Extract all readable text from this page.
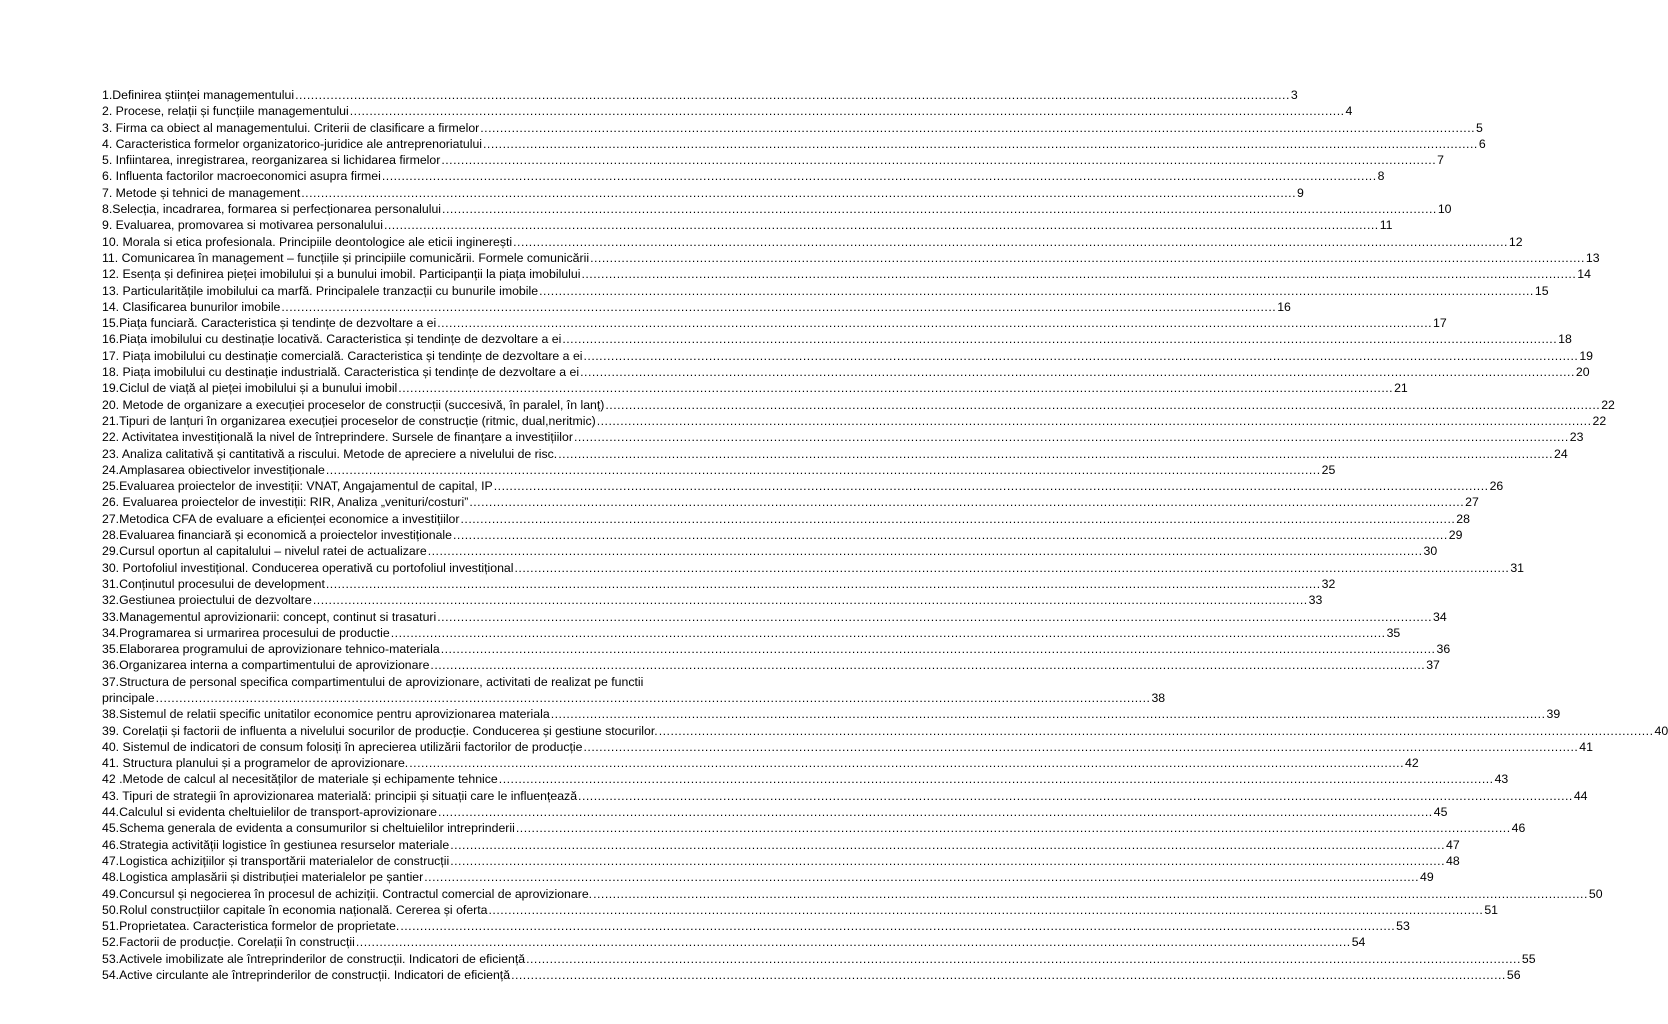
1.Definirea științei managementului .....	3
2. Procese, relații și funcțiile managementului .....	4
3. Firma ca obiect al managementului. Criterii de clasificare a firmelor .....	5
4. Caracteristica formelor organizatorico-juridice ale antreprenoriatului .....	6
5. Infiintarea, inregistrarea, reorganizarea si lichidarea firmelor .....	7
6. Influenta factorilor macroeconomici asupra firmei .....	8
7. Metode și tehnici de management .....	9
8.Selecția, incadrarea, formarea si perfecționarea personalului .....	10
9. Evaluarea, promovarea si motivarea personalului .....	11
10. Morala si etica profesionala. Principiile deontologice ale eticii inginerești .....	12
11. Comunicarea în management – funcțiile și principiile comunicării. Formele comunicării .....	13
12. Esența și definirea pieței imobilului și a bunului imobil. Participanții la piața imobilului .....	14
13. Particularitățile imobilului ca marfă. Principalele tranzacții cu bunurile imobile .....	15
14. Clasificarea bunurilor imobile .....	16
15.Piața funciară. Caracteristica și tendințe de dezvoltare a ei .....	17
16.Piața imobilului cu destinație locativă. Caracteristica și tendințe de dezvoltare a ei .....	18
17. Piața imobilului cu destinație comercială. Caracteristica și tendințe de dezvoltare a ei .....	19
18. Piața imobilului cu destinație industrială. Caracteristica și tendințe de dezvoltare a ei .....	20
19.Ciclul de viață al pieței imobilului și a bunului imobil .....	21
20. Metode de organizare a execuției proceselor de construcții (succesivă, în paralel, în lanț) .....	22
21.Tipuri de lanțuri în organizarea execuției proceselor de construcție (ritmic, dual,neritmic) .....	22
22. Activitatea investițională la nivel de întreprindere. Sursele de finanțare a investițiilor .....	23
23. Analiza calitativă și cantitativă a riscului. Metode de apreciere a nivelului de risc. .....	24
24.Amplasarea obiectivelor investiționale .....	25
25.Evaluarea proiectelor de investiții: VNAT, Angajamentul de capital, IP .....	26
26. Evaluarea proiectelor de investiții: RIR, Analiza „venituri/costuri” .....	27
27.Metodica CFA de evaluare a eficienței economice a investițiilor .....	28
28.Evaluarea financiară și economică a proiectelor investiționale .....	29
29.Cursul oportun al capitalului – nivelul ratei de actualizare .....	30
30. Portofoliul investițional. Conducerea operativă cu portofoliul investițional .....	31
31.Conținutul procesului de development .....	32
32.Gestiunea proiectului de dezvoltare .....	33
33.Managementul aprovizionarii: concept, continut si trasaturi .....	34
34.Programarea si urmarirea procesului de productie .....	35
35.Elaborarea programului de aprovizionare tehnico-materiala .....	36
36.Organizarea interna a compartimentului de aprovizionare .....	37
37.Structura de personal specifica compartimentului de aprovizionare, activitati de realizat pe functii
principale .....	38
38.Sistemul de relatii specific unitatilor economice pentru aprovizionarea materiala .....	39
39. Corelații și factorii de influenta a nivelului socurilor de producție. Conducerea și gestiune stocurilor. .....	40
40. Sistemul de indicatori de consum folosiți în aprecierea utilizării factorilor de producție .....	41
41. Structura planului și a programelor de aprovizionare. .....	42
42 .Metode de calcul al necesităților de materiale și echipamente tehnice .....	43
43. Tipuri de strategii în aprovizionarea materială: principii și situații care le influențează .....	44
44.Calculul si evidenta cheltuielilor de transport-aprovizionare .....	45
45.Schema generala de evidenta a consumurilor si cheltuielilor intreprinderii .....	46
46.Strategia activității logistice în gestiunea resurselor materiale .....	47
47.Logistica achizițiilor și transportării materialelor de construcții .....	48
48.Logistica amplasării și distribuției materialelor pe șantier .....	49
49.Concursul și negocierea în procesul de achiziții. Contractul comercial de aprovizionare. .....	50
50.Rolul construcțiilor capitale în economia națională. Cererea și oferta .....	51
51.Proprietatea. Caracteristica formelor de proprietate. .....	53
52.Factorii de producție. Corelații în construcții .....	54
53.Activele imobilizate ale întreprinderilor de construcții. Indicatori de eficiență .....	55
54.Active circulante ale întreprinderilor de construcții. Indicatori de eficiență .....	56
